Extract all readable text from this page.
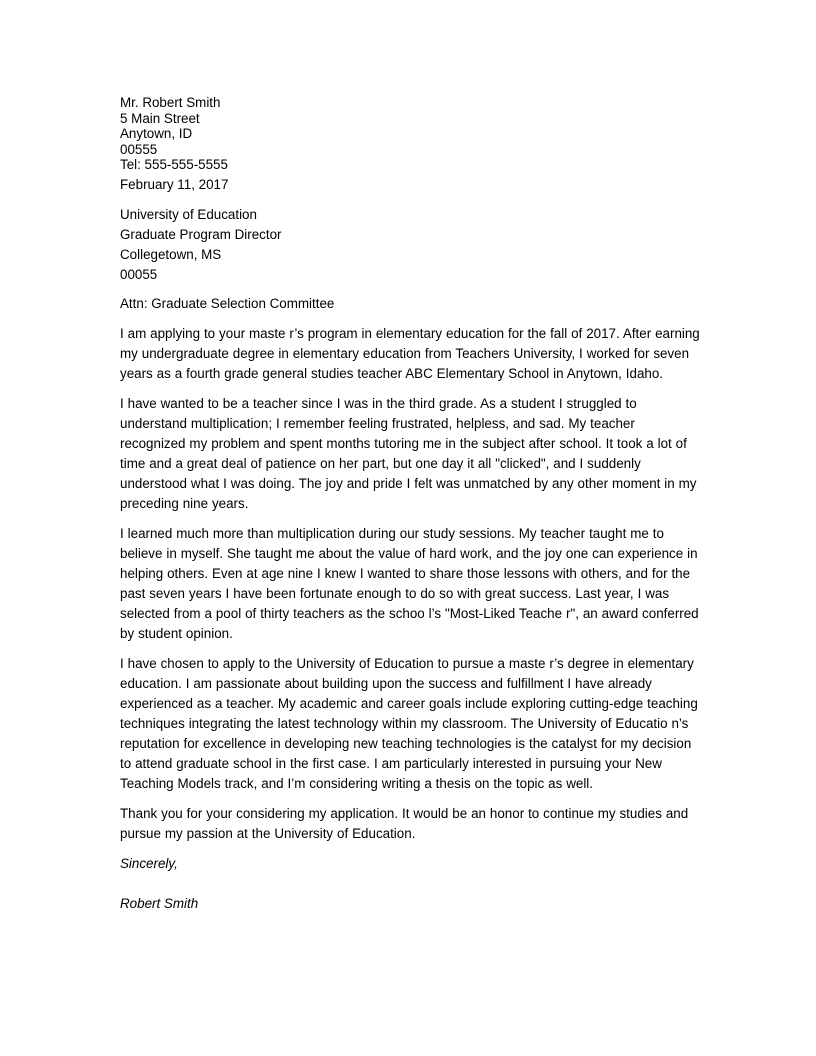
Mr. Robert Smith
5 Main Street
Anytown, ID
00555
Tel: 555-555-5555
February 11, 2017
University of Education
Graduate Program Director
Collegetown, MS
00055
Attn: Graduate Selection Committee

I am applying to your maste r’s program in elementary education for the fall of 2017. After earning my undergraduate degree in elementary education from Teachers University, I worked for seven years as a fourth grade general studies teacher ABC Elementary School in Anytown, Idaho.

I have wanted to be a teacher since I was in the third grade. As a student I struggled to understand multiplication; I remember feeling frustrated, helpless, and sad. My teacher recognized my problem and spent months tutoring me in the subject after school. It took a lot of time and a great deal of patience on her part, but one day it all "clicked", and I suddenly understood what I was doing. The joy and pride I felt was unmatched by any other moment in my preceding nine years.

I learned much more than multiplication during our study sessions. My teacher taught me to believe in myself. She taught me about the value of hard work, and the joy one can experience in helping others. Even at age nine I knew I wanted to share those lessons with others, and for the past seven years I have been fortunate enough to do so with great success. Last year, I was selected from a pool of thirty teachers as the schoo l’s "Most-Liked Teache r", an award conferred by student opinion.

I have chosen to apply to the University of Education to pursue a maste r’s degree in elementary education. I am passionate about building upon the success and fulfillment I have already experienced as a teacher. My academic and career goals include exploring cutting-edge teaching techniques integrating the latest technology within my classroom. The University of Educatio n’s reputation for excellence in developing new teaching technologies is the catalyst for my decision to attend graduate school in the first case. I am particularly interested in pursuing your New Teaching Models track, and I’m considering writing a thesis on the topic as well.

Thank you for your considering my application. It would be an honor to continue my studies and pursue my passion at the University of Education.

Sincerely,
Robert Smith
